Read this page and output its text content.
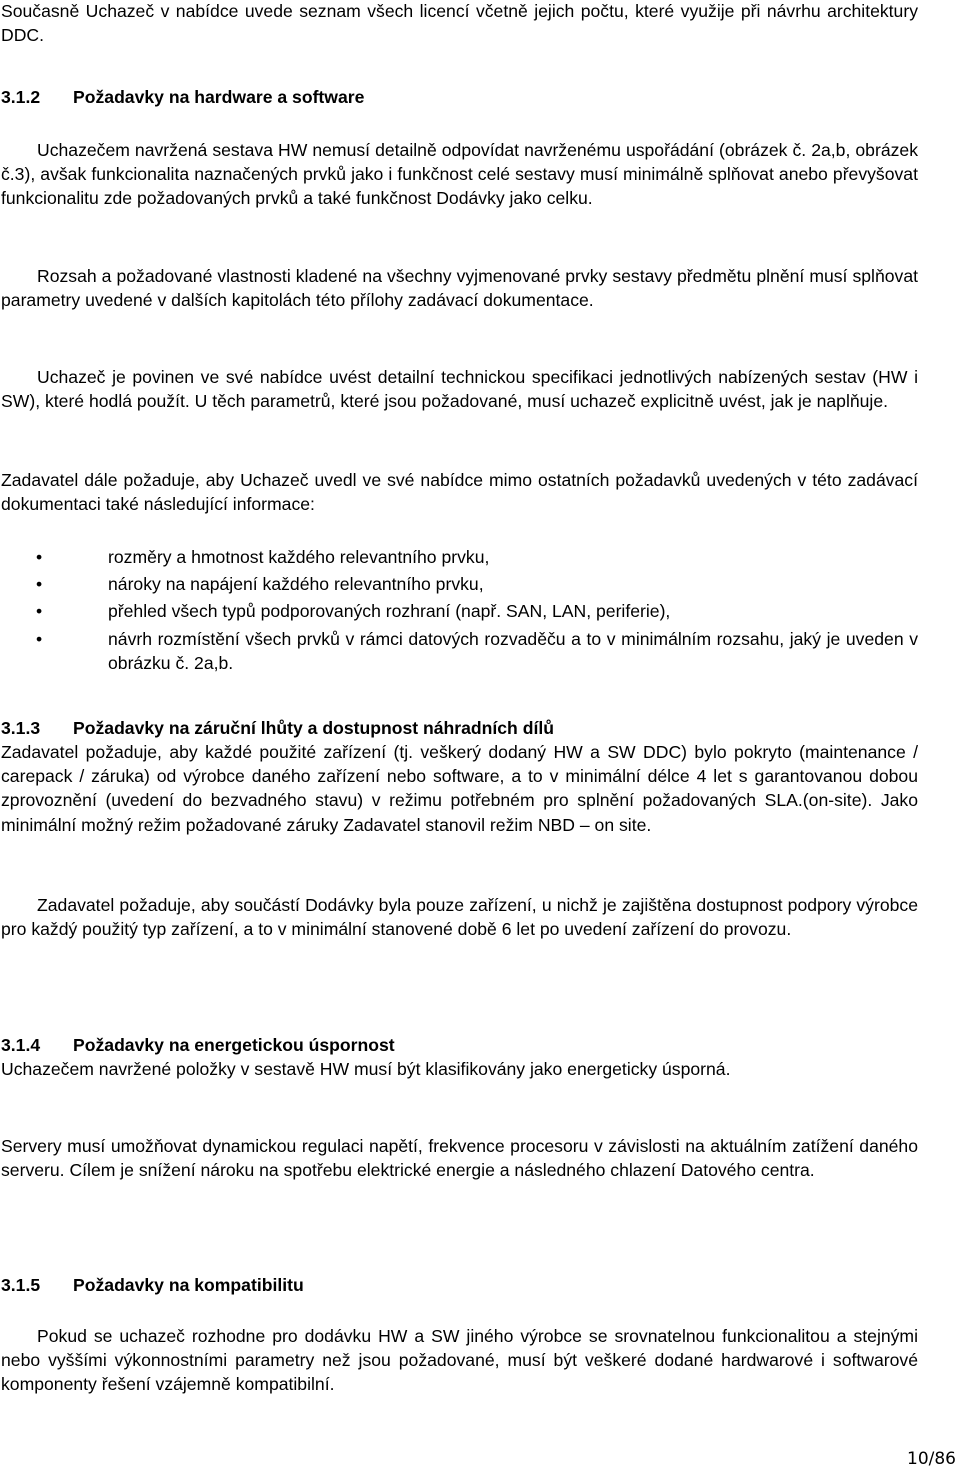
Současně Uchazeč v nabídce uvede seznam všech licencí včetně jejich počtu, které využije při návrhu architektury DDC.

3.1.2 Požadavky na hardware a software

Uchazečem navržená sestava HW nemusí detailně odpovídat navrženému uspořádání (obrázek č. 2a,b, obrázek č.3), avšak funkcionalita naznačených prvků jako i funkčnost celé sestavy musí minimálně splňovat anebo převyšovat funkcionalitu zde požadovaných prvků a také funkčnost Dodávky jako celku.

Rozsah a požadované vlastnosti kladené na všechny vyjmenované prvky sestavy předmětu plnění musí splňovat parametry uvedené v dalších kapitolách této přílohy zadávací dokumentace.

Uchazeč je povinen ve své nabídce uvést detailní technickou specifikaci jednotlivých nabízených sestav (HW i SW), které hodlá použít. U těch parametrů, které jsou požadované, musí uchazeč explicitně uvést, jak je naplňuje.

Zadavatel dále požaduje, aby Uchazeč uvedl ve své nabídce mimo ostatních požadavků uvedených v této zadávací dokumentaci také následující informace:

•	rozměry a hmotnost každého relevantního prvku,
•	nároky na napájení každého relevantního prvku,
•	přehled všech typů podporovaných rozhraní (např. SAN, LAN, periferie),
•	návrh rozmístění všech prvků v rámci datových rozvaděču a to v minimálním rozsahu, jaký je uveden v obrázku č. 2a,b.
3.1.3 Požadavky na záruční lhůty a dostupnost náhradních dílů

Zadavatel požaduje, aby každé použité zařízení (tj. veškerý dodaný HW a SW DDC) bylo pokryto (maintenance / carepack / záruka) od výrobce daného zařízení nebo software, a to v minimální délce 4 let s garantovanou dobou zprovoznění (uvedení do bezvadného stavu) v režimu potřebném pro splnění požadovaných SLA.(on-site). Jako minimální možný režim požadované záruky Zadavatel stanovil režim NBD – on site.

Zadavatel požaduje, aby součástí Dodávky byla pouze zařízení, u nichž je zajištěna dostupnost podpory výrobce pro každý použitý typ zařízení, a to v minimální stanovené době 6 let po uvedení zařízení do provozu.

3.1.4 Požadavky na energetickou úspornost

Uchazečem navržené položky v sestavě HW musí být klasifikovány jako energeticky úsporná.

Servery musí umožňovat dynamickou regulaci napětí, frekvence procesoru v závislosti na aktuálním zatížení daného serveru. Cílem je snížení nároku na spotřebu elektrické energie a následného chlazení Datového centra.

3.1.5 Požadavky na kompatibilitu

Pokud se uchazeč rozhodne pro dodávku HW a SW jiného výrobce se srovnatelnou funkcionalitou a stejnými nebo vyššími výkonnostními parametry než jsou požadované, musí být veškeré dodané hardwarové i softwarové komponenty řešení vzájemně kompatibilní.

10/86
